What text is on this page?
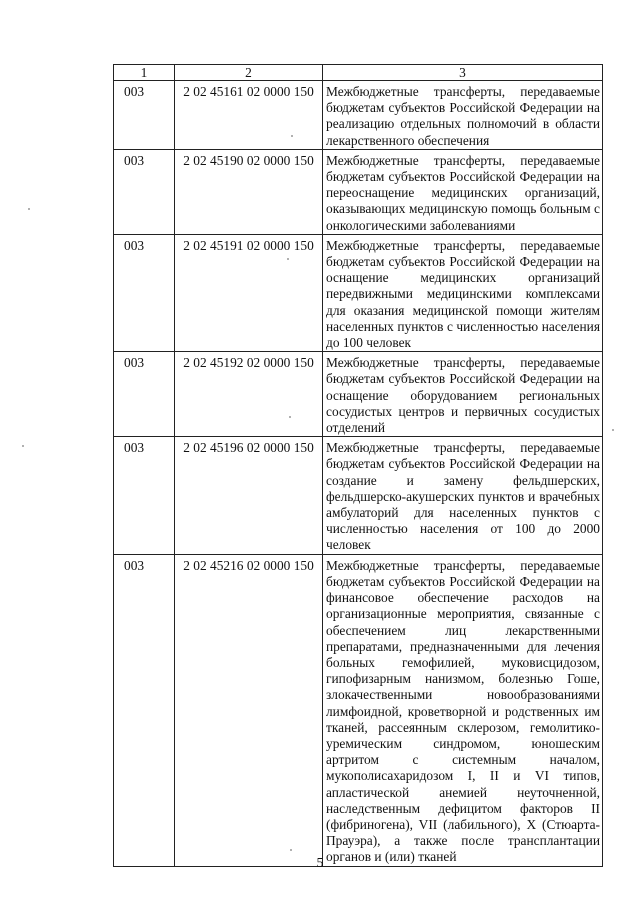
1	2	3
003	2 02 45161 02 0000 150	Межбюджетные трансферты, передаваемые бюджетам субъектов Российской Федерации на реализацию отдельных полномочий в области лекарственного обеспечения
003	2 02 45190 02 0000 150	Межбюджетные трансферты, передаваемые бюджетам субъектов Российской Федерации на переоснащение медицинских организаций, оказывающих медицинскую помощь больным с онкологическими заболеваниями
003	2 02 45191 02 0000 150	Межбюджетные трансферты, передаваемые бюджетам субъектов Российской Федерации на оснащение медицинских организаций передвижными медицинскими комплексами для оказания медицинской помощи жителям населенных пунктов с численностью населения до 100 человек
003	2 02 45192 02 0000 150	Межбюджетные трансферты, передаваемые бюджетам субъектов Российской Федерации на оснащение оборудованием региональных сосудистых центров и первичных сосудистых отделений
003	2 02 45196 02 0000 150	Межбюджетные трансферты, передаваемые бюджетам субъектов Российской Федерации на создание и замену фельдшерских, фельдшерско-акушерских пунктов и врачебных амбулаторий для населенных пунктов с численностью населения от 100 до 2000 человек
003	2 02 45216 02 0000 150	Межбюджетные трансферты, передаваемые бюджетам субъектов Российской Федерации на финансовое обеспечение расходов на организационные мероприятия, связанные с обеспечением лиц лекарственными препаратами, предназначенными для лечения больных гемофилией, муковисцидозом, гипофизарным нанизмом, болезнью Гоше, злокачественными новообразованиями лимфоидной, кроветворной и родственных им тканей, рассеянным склерозом, гемолитико-уремическим синдромом, юношеским артритом с системным началом, мукополисахаридозом I, II и VI типов, апластической анемией неуточненной, наследственным дефицитом факторов II (фибриногена), VII (лабильного), X (Стюарта-Прауэра), а также после трансплантации органов и (или) тканей
5
